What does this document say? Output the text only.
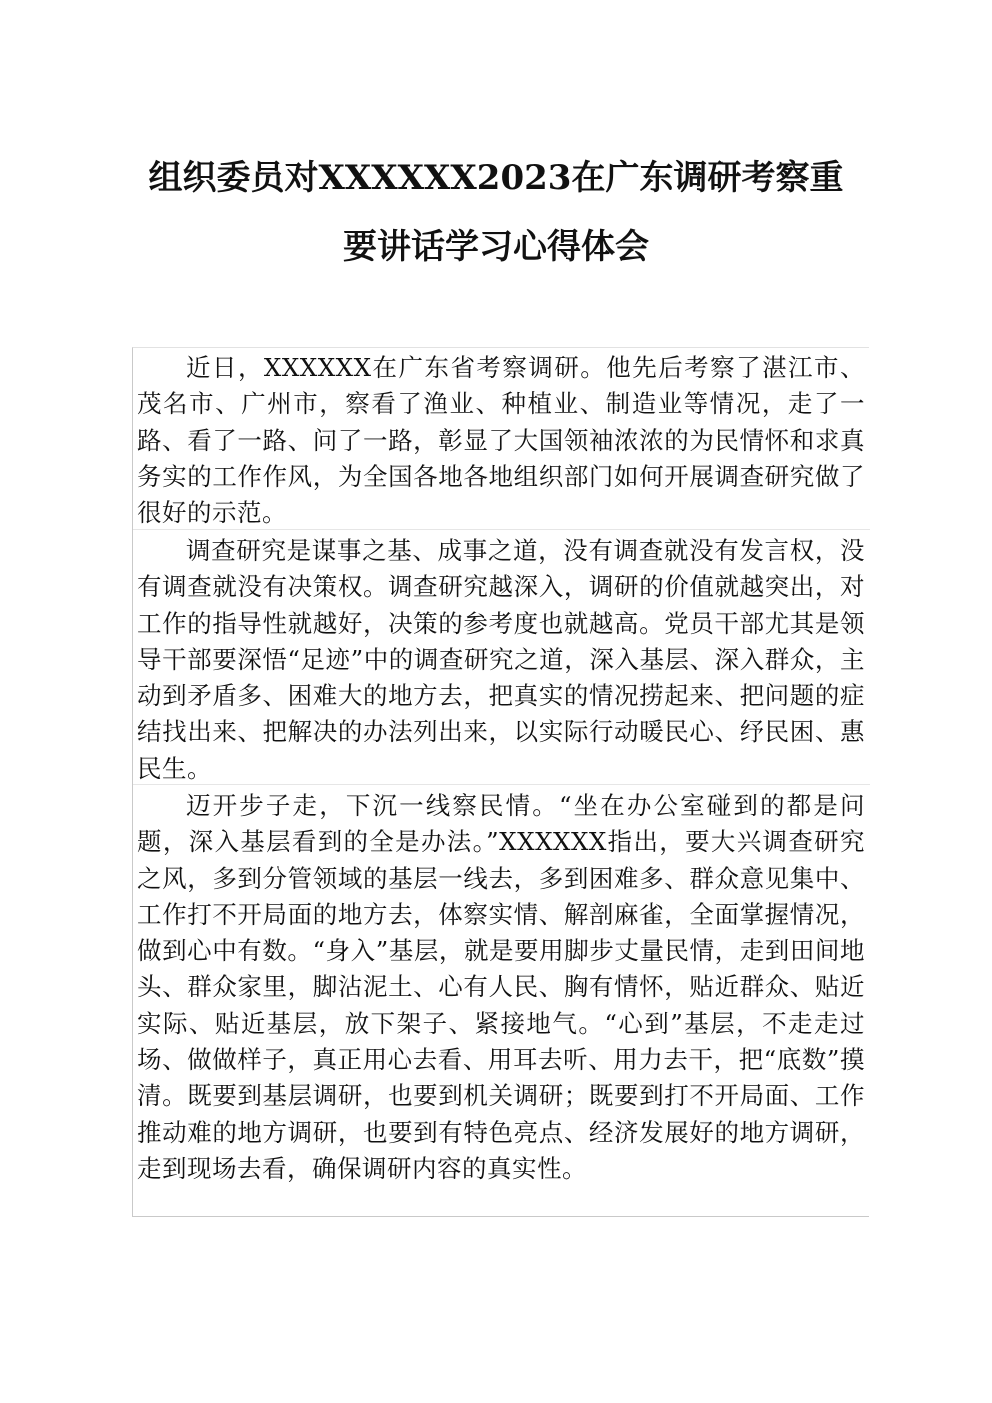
组织委员对XXXXXX2023在广东调研考察重
要讲话学习心得体会

近日，XXXXXX在广东省考察调研。他先后考察了湛江市、茂名市、广州市，察看了渔业、种植业、制造业等情况，走了一路、看了一路、问了一路，彰显了大国领袖浓浓的为民情怀和求真务实的工作作风，为全国各地各地组织部门如何开展调查研究做了很好的示范。

调查研究是谋事之基、成事之道，没有调查就没有发言权，没有调查就没有决策权。调查研究越深入，调研的价值就越突出，对工作的指导性就越好，决策的参考度也就越高。党员干部尤其是领导干部要深悟“足迹”中的调查研究之道，深入基层、深入群众，主动到矛盾多、困难大的地方去，把真实的情况捞起来、把问题的症结找出来、把解决的办法列出来，以实际行动暖民心、纾民困、惠民生。

迈开步子走，下沉一线察民情。“坐在办公室碰到的都是问题，深入基层看到的全是办法。”XXXXXX指出，要大兴调查研究之风，多到分管领域的基层一线去，多到困难多、群众意见集中、工作打不开局面的地方去，体察实情、解剖麻雀，全面掌握情况，做到心中有数。“身入”基层，就是要用脚步丈量民情，走到田间地头、群众家里，脚沾泥土、心有人民、胸有情怀，贴近群众、贴近实际、贴近基层，放下架子、紧接地气。“心到”基层，不走走过场、做做样子，真正用心去看、用耳去听、用力去干，把“底数”摸清。既要到基层调研，也要到机关调研；既要到打不开局面、工作推动难的地方调研，也要到有特色亮点、经济发展好的地方调研，走到现场去看，确保调研内容的真实性。
